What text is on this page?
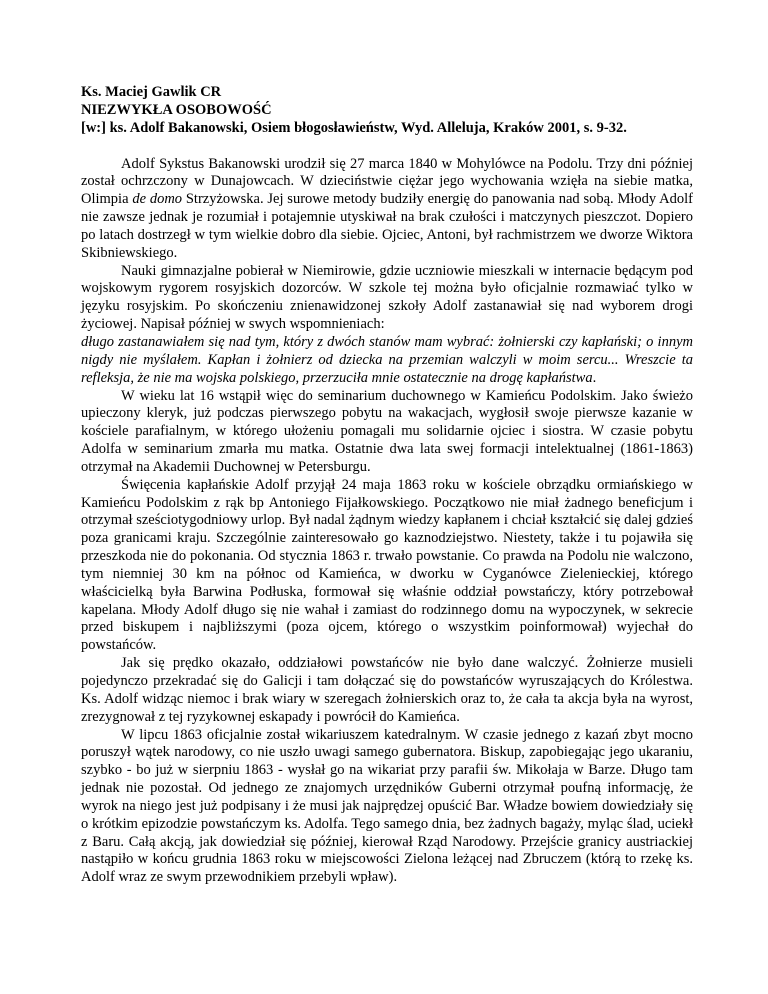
Ks. Maciej Gawlik CR
NIEZWYKŁA OSOBOWOŚĆ
[w:] ks. Adolf Bakanowski, Osiem błogosławieństw, Wyd. Alleluja, Kraków 2001, s. 9-32.

Adolf Sykstus Bakanowski urodził się 27 marca 1840 w Mohylówce na Podolu. Trzy dni później został ochrzczony w Dunajowcach. W dzieciństwie ciężar jego wychowania wzięła na siebie matka, Olimpia de domo Strzyżowska. Jej surowe metody budziły energię do panowania nad sobą. Młody Adolf nie zawsze jednak je rozumiał i potajemnie utyskiwał na brak czułości i matczynych pieszczot. Dopiero po latach dostrzegł w tym wielkie dobro dla siebie. Ojciec, Antoni, był rachmistrzem we dworze Wiktora Skibniewskiego.

Nauki gimnazjalne pobierał w Niemirowie, gdzie uczniowie mieszkali w internacie będącym pod wojskowym rygorem rosyjskich dozorców. W szkole tej można było oficjalnie rozmawiać tylko w języku rosyjskim. Po skończeniu znienawidzonej szkoły Adolf zastanawiał się nad wyborem drogi życiowej. Napisał później w swych wspomnieniach:

długo zastanawiałem się nad tym, który z dwóch stanów mam wybrać: żołnierski czy kapłański; o innym nigdy nie myślałem. Kapłan i żołnierz od dziecka na przemian walczyli w moim sercu... Wreszcie ta refleksja, że nie ma wojska polskiego, przerzuciła mnie ostatecznie na drogę kapłaństwa.

W wieku lat 16 wstąpił więc do seminarium duchownego w Kamieńcu Podolskim. Jako świeżo upieczony kleryk, już podczas pierwszego pobytu na wakacjach, wygłosił swoje pierwsze kazanie w kościele parafialnym, w którego ułożeniu pomagali mu solidarnie ojciec i siostra. W czasie pobytu Adolfa w seminarium zmarła mu matka. Ostatnie dwa lata swej formacji intelektualnej (1861-1863) otrzymał na Akademii Duchownej w Petersburgu.

Święcenia kapłańskie Adolf przyjął 24 maja 1863 roku w kościele obrządku ormiańskiego w Kamieńcu Podolskim z rąk bp Antoniego Fijałkowskiego. Początkowo nie miał żadnego beneficjum i otrzymał sześciotygodniowy urlop. Był nadal żądnym wiedzy kapłanem i chciał kształcić się dalej gdzieś poza granicami kraju. Szczególnie zainteresowało go kaznodziejstwo. Niestety, także i tu pojawiła się przeszkoda nie do pokonania. Od stycznia 1863 r. trwało powstanie. Co prawda na Podolu nie walczono, tym niemniej 30 km na północ od Kamieńca, w dworku w Cyganówce Zielenieckiej, którego właścicielką była Barwina Podłuska, formował się właśnie oddział powstańczy, który potrzebował kapelana. Młody Adolf długo się nie wahał i zamiast do rodzinnego domu na wypoczynek, w sekrecie przed biskupem i najbliższymi (poza ojcem, którego o wszystkim poinformował) wyjechał do powstańców.

Jak się prędko okazało, oddziałowi powstańców nie było dane walczyć. Żołnierze musieli pojedynczo przekradać się do Galicji i tam dołączać się do powstańców wyruszających do Królestwa. Ks. Adolf widząc niemoc i brak wiary w szeregach żołnierskich oraz to, że cała ta akcja była na wyrost, zrezygnował z tej ryzykownej eskapady i powrócił do Kamieńca.

W lipcu 1863 oficjalnie został wikariuszem katedralnym. W czasie jednego z kazań zbyt mocno poruszył wątek narodowy, co nie uszło uwagi samego gubernatora. Biskup, zapobiegając jego ukaraniu, szybko - bo już w sierpniu 1863 - wysłał go na wikariat przy parafii św. Mikołaja w Barze. Długo tam jednak nie pozostał. Od jednego ze znajomych urzędników Guberni otrzymał poufną informację, że wyrok na niego jest już podpisany i że musi jak najprędzej opuścić Bar. Władze bowiem dowiedziały się o krótkim epizodzie powstańczym ks. Adolfa. Tego samego dnia, bez żadnych bagaży, myląc ślad, uciekł z Baru. Całą akcją, jak dowiedział się później, kierował Rząd Narodowy. Przejście granicy austriackiej nastąpiło w końcu grudnia 1863 roku w miejscowości Zielona leżącej nad Zbruczem (którą to rzekę ks. Adolf wraz ze swym przewodnikiem przebyli wpław).
